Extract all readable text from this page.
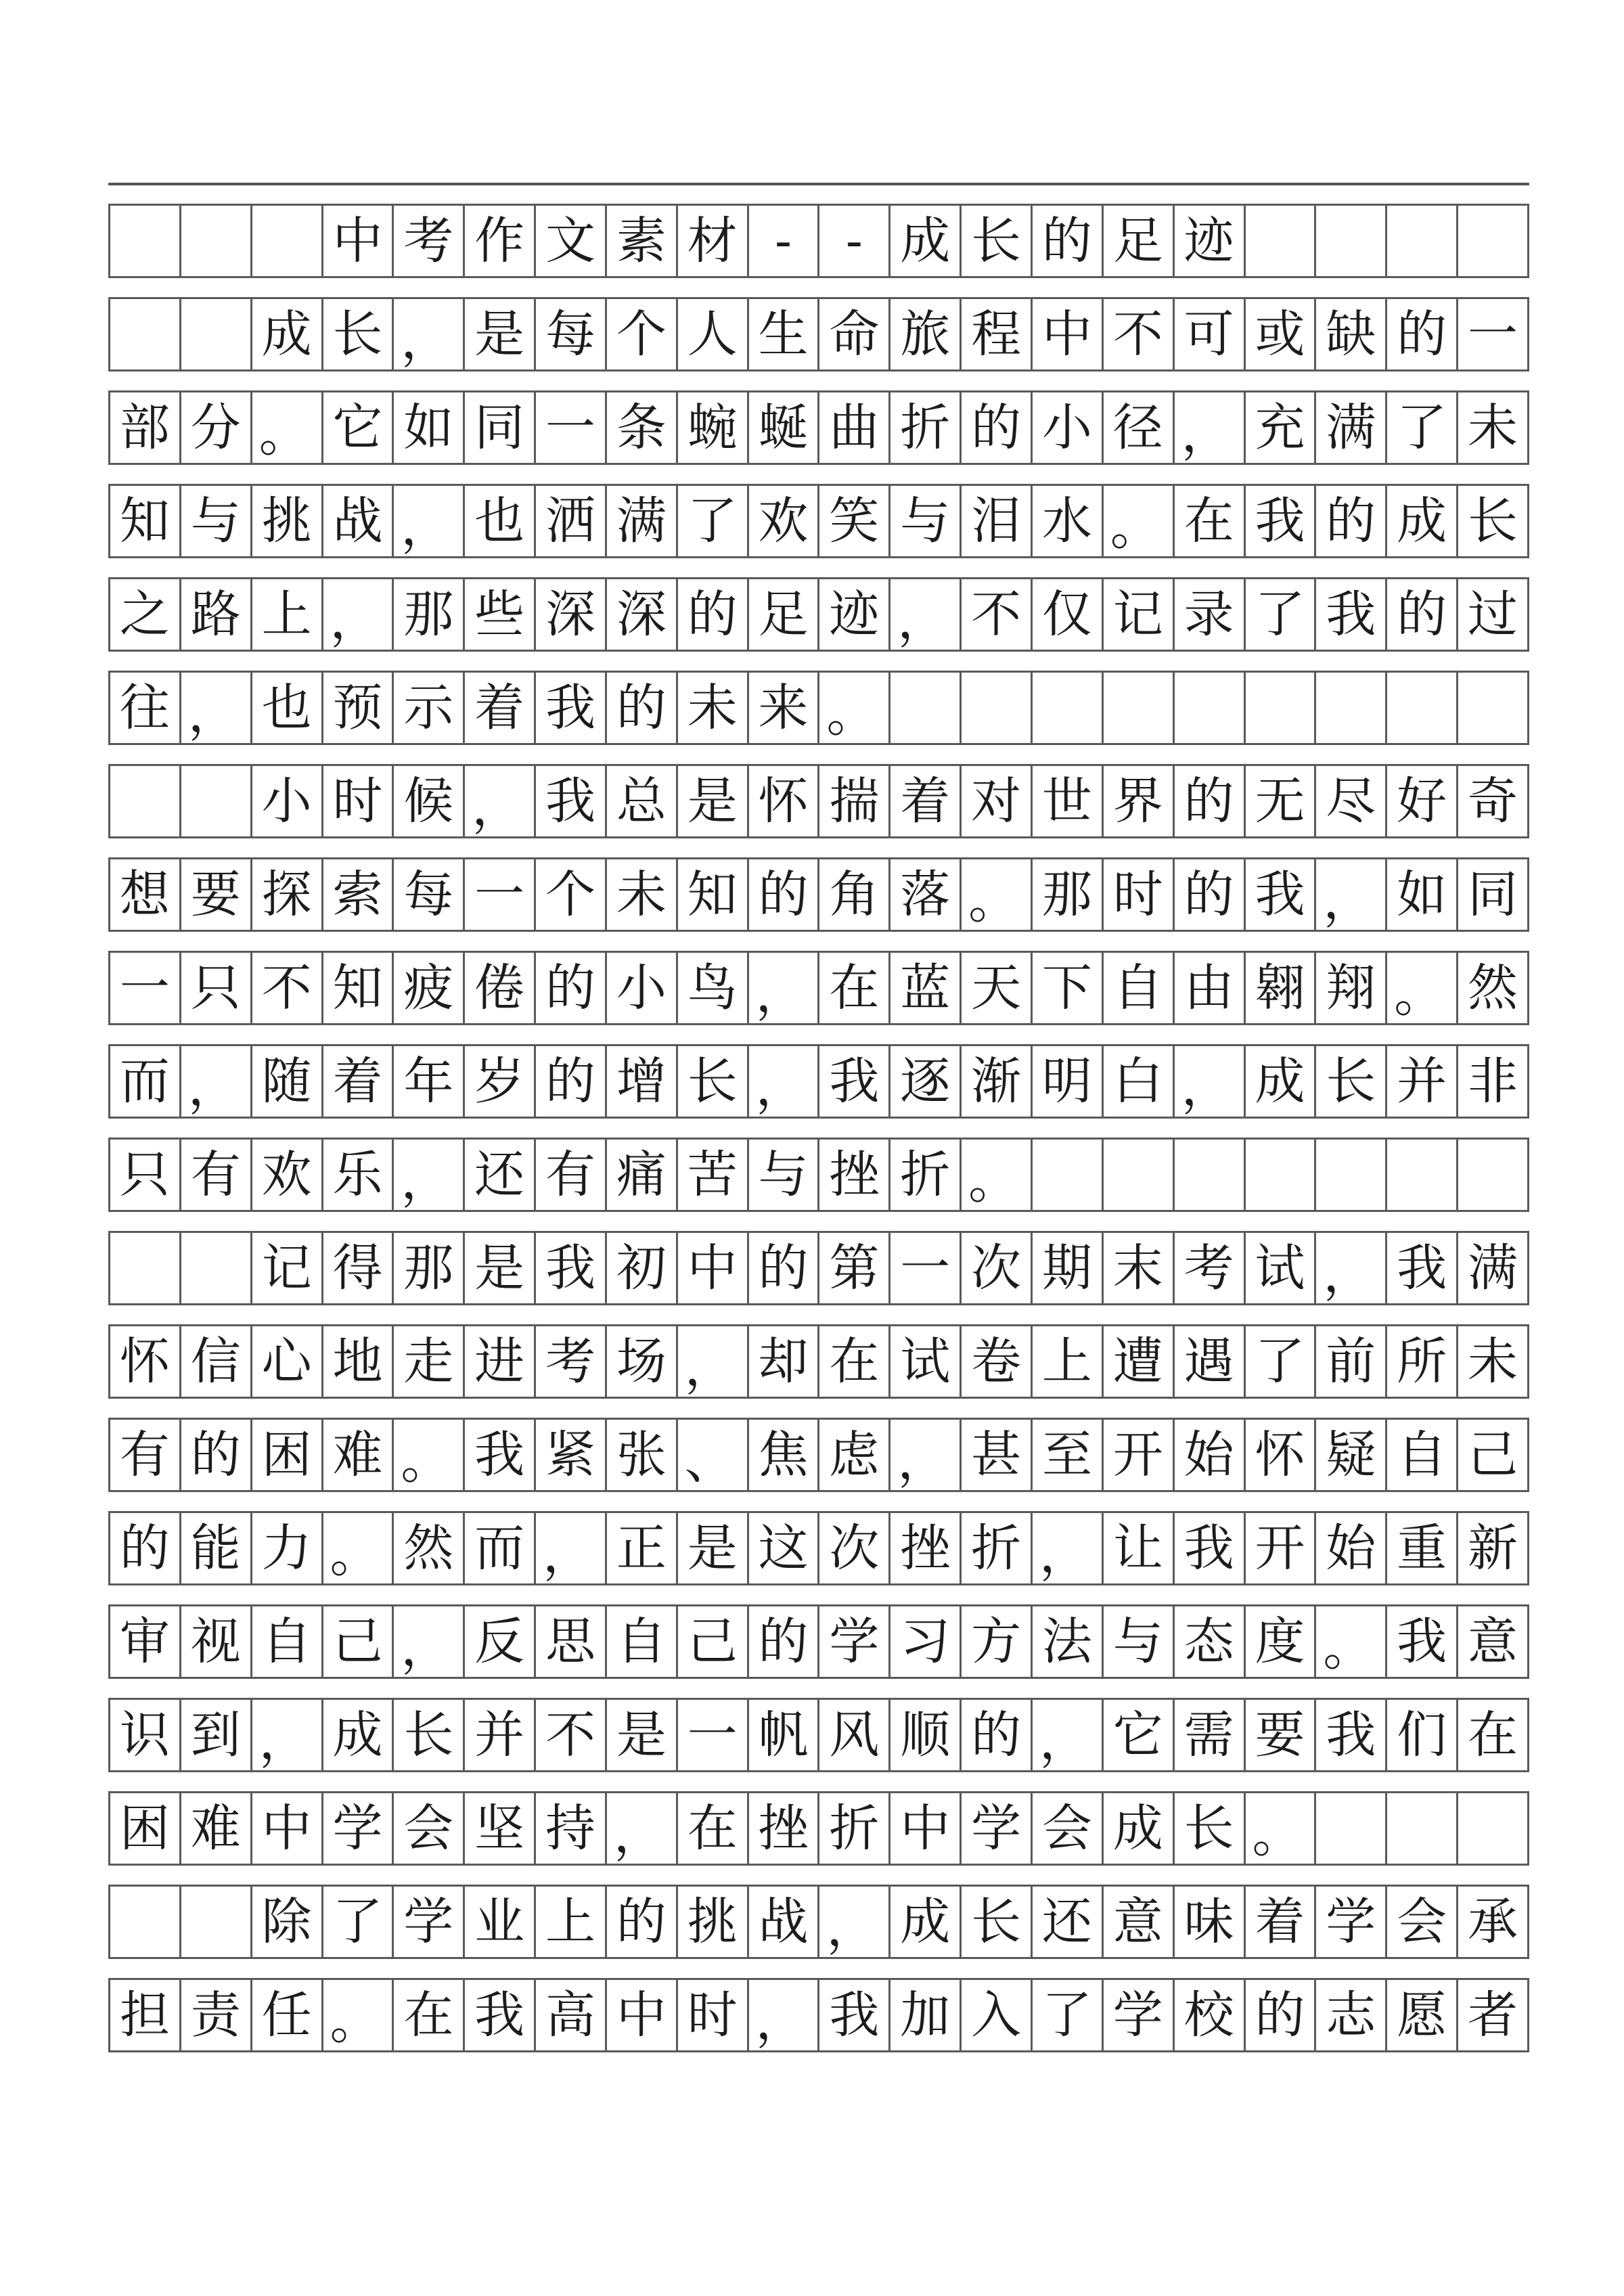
中 考 作 文 素 材 -	- 成 长 的 足 迹
成 长 ， 是 每 个 人 生 命 旅 程 中 不 可 或 缺 的 一
部 分 。 它 如 同 一 条 蜿 蜒 曲 折 的 小 径 ， 充 满 了 未
知 与 挑 战 ， 也 洒 满 了 欢 笑 与 泪 水 。 在 我 的 成 长
之 路 上 ， 那 些 深 深 的 足 迹 ， 不 仅 记 录 了 我 的 过
往 ， 也 预 示 着 我 的 未 来 。
小 时 候 ， 我 总 是 怀 揣 着 对 世 界 的 无 尽 好 奇
想 要 探 索 每 一 个 未 知 的 角 落 。 那 时 的 我 ， 如 同
一 只 不 知 疲 倦 的 小 鸟 ， 在 蓝 天 下 自 由 翱 翔 。 然
而 ， 随 着 年 岁 的 增 长 ， 我 逐 渐 明 白 ， 成 长 并 非
只 有 欢 乐 ， 还 有 痛 苦 与 挫 折 。
记 得 那 是 我 初 中 的 第 一 次 期 末 考 试 ， 我 满
怀 信 心 地 走 进 考 场 ， 却 在 试 卷 上 遭 遇 了 前 所 未
有 的 困 难 。 我 紧 张 、 焦 虑 ， 甚 至 开 始 怀 疑 自 己
的 能 力 。 然 而 ， 正 是 这 次 挫 折 ， 让 我 开 始 重 新
审 视 自 己 ， 反 思 自 己 的 学 习 方 法 与 态 度 。 我 意
识 到 ， 成 长 并 不 是 一 帆 风 顺 的 ， 它 需 要 我 们 在
困 难 中 学 会 坚 持 ， 在 挫 折 中 学 会 成 长 。
除 了 学 业 上 的 挑 战 ， 成 长 还 意 味 着 学 会 承
担 责 任 。 在 我 高 中 时 ， 我 加 入 了 学 校 的 志 愿 者
